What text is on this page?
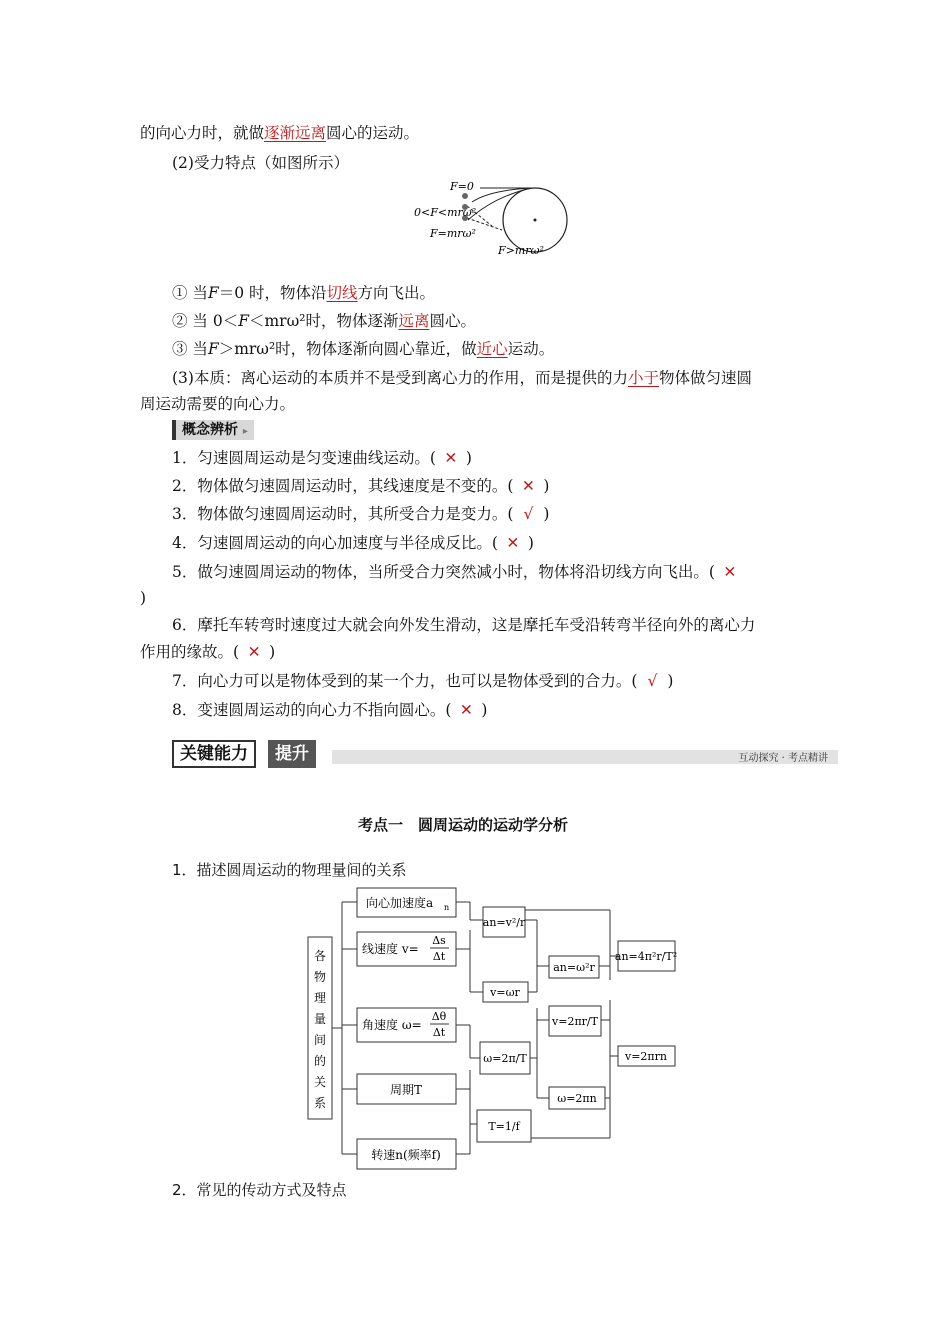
的向心力时，就做逐渐远离圆心的运动。
(2)受力特点（如图所示）
F=0
0<F<mrω²
F=mrω²
F>mrω²
① 当F＝0 时，物体沿切线方向飞出。
② 当 0＜F＜mrω²时，物体逐渐远离圆心。
③ 当F＞mrω²时，物体逐渐向圆心靠近，做近心运动。
(3)本质：离心运动的本质并不是受到离心力的作用，而是提供的力小于物体做匀速圆
周运动需要的向心力。
概念辨析 ▸
1．匀速圆周运动是匀变速曲线运动。( ✕ )
2．物体做匀速圆周运动时，其线速度是不变的。( ✕ )
3．物体做匀速圆周运动时，其所受合力是变力。( √ )
4．匀速圆周运动的向心加速度与半径成反比。( ✕ )
5．做匀速圆周运动的物体，当所受合力突然减小时，物体将沿切线方向飞出。( ✕
)
6．摩托车转弯时速度过大就会向外发生滑动，这是摩托车受沿转弯半径向外的离心力
作用的缘故。( ✕ )
7．向心力可以是物体受到的某一个力，也可以是物体受到的合力。( √ )
8．变速圆周运动的向心力不指向圆心。( ✕ )
关键能力	提升	互动探究 · 考点精讲
考点一　圆周运动的运动学分析
1．描述圆周运动的物理量间的关系
各
物
理
量
间
的
关
系
向心加速度a n
线速度 v=
Δs
Δt
角速度 ω=
Δθ
Δt
周期T
转速n(频率f)
an=v²/r
v=ωr
ω=2π/T
T=1/f
an=ω²r
v=2πr/T
ω=2πn
an=4π²r/T²
v=2πrn
2．常见的传动方式及特点
